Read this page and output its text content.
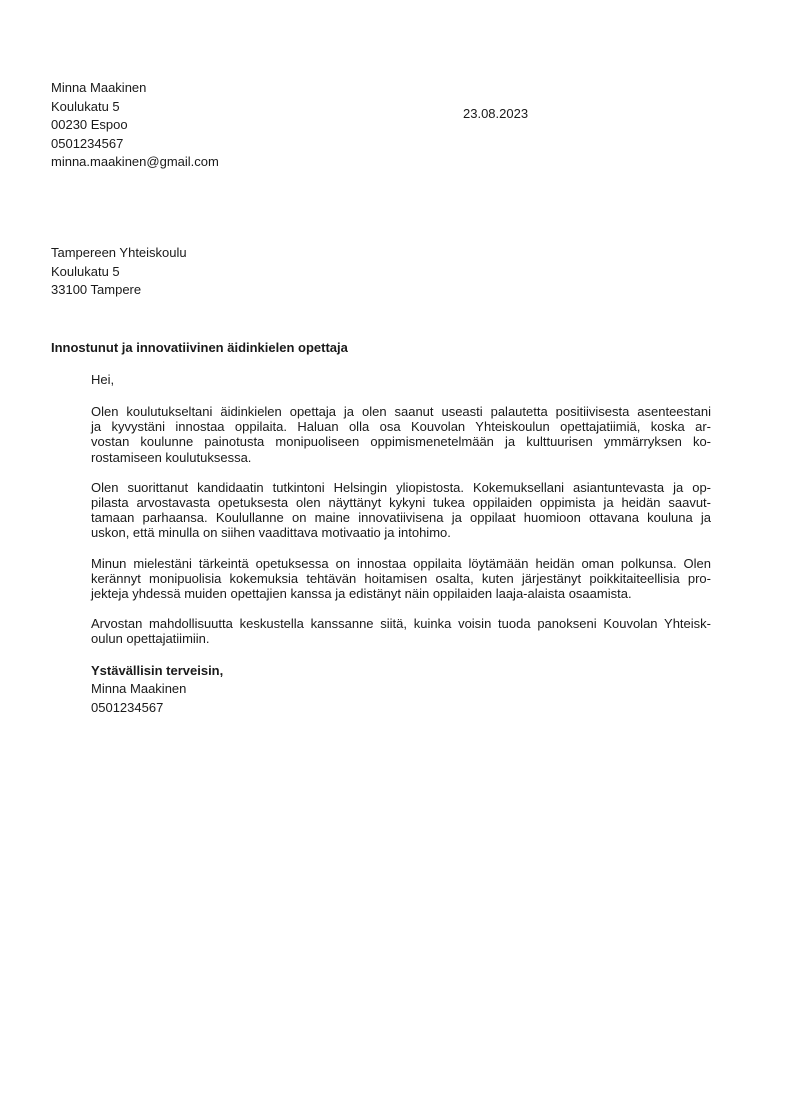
Minna Maakinen
Koulukatu 5
00230 Espoo
0501234567
minna.maakinen@gmail.com
23.08.2023
Tampereen Yhteiskoulu
Koulukatu 5
33100 Tampere
Innostunut ja innovatiivinen äidinkielen opettaja
Hei,
Olen koulutukseltani äidinkielen opettaja ja olen saanut useasti palautetta positiivisesta asenteestani
ja kyvystäni innostaa oppilaita. Haluan olla osa Kouvolan Yhteiskoulun opettajatiimiä, koska ar-
vostan koulunne painotusta monipuoliseen oppimismenetelmään ja kulttuurisen ymmärryksen ko-
rostamiseen koulutuksessa.
Olen suorittanut kandidaatin tutkintoni Helsingin yliopistosta. Kokemuksellani asiantuntevasta ja op-
pilasta arvostavasta opetuksesta olen näyttänyt kykyni tukea oppilaiden oppimista ja heidän saavut-
tamaan parhaansa. Koulullanne on maine innovatiivisena ja oppilaat huomioon ottavana kouluna ja
uskon, että minulla on siihen vaadittava motivaatio ja intohimo.
Minun mielestäni tärkeintä opetuksessa on innostaa oppilaita löytämään heidän oman polkunsa. Olen
kerännyt monipuolisia kokemuksia tehtävän hoitamisen osalta, kuten järjestänyt poikkitaiteellisia pro-
jekteja yhdessä muiden opettajien kanssa ja edistänyt näin oppilaiden laaja-alaista osaamista.
Arvostan mahdollisuutta keskustella kanssanne siitä, kuinka voisin tuoda panokseni Kouvolan Yhteisk-
oulun opettajatiimiin.
Ystävällisin terveisin,
Minna Maakinen
0501234567
